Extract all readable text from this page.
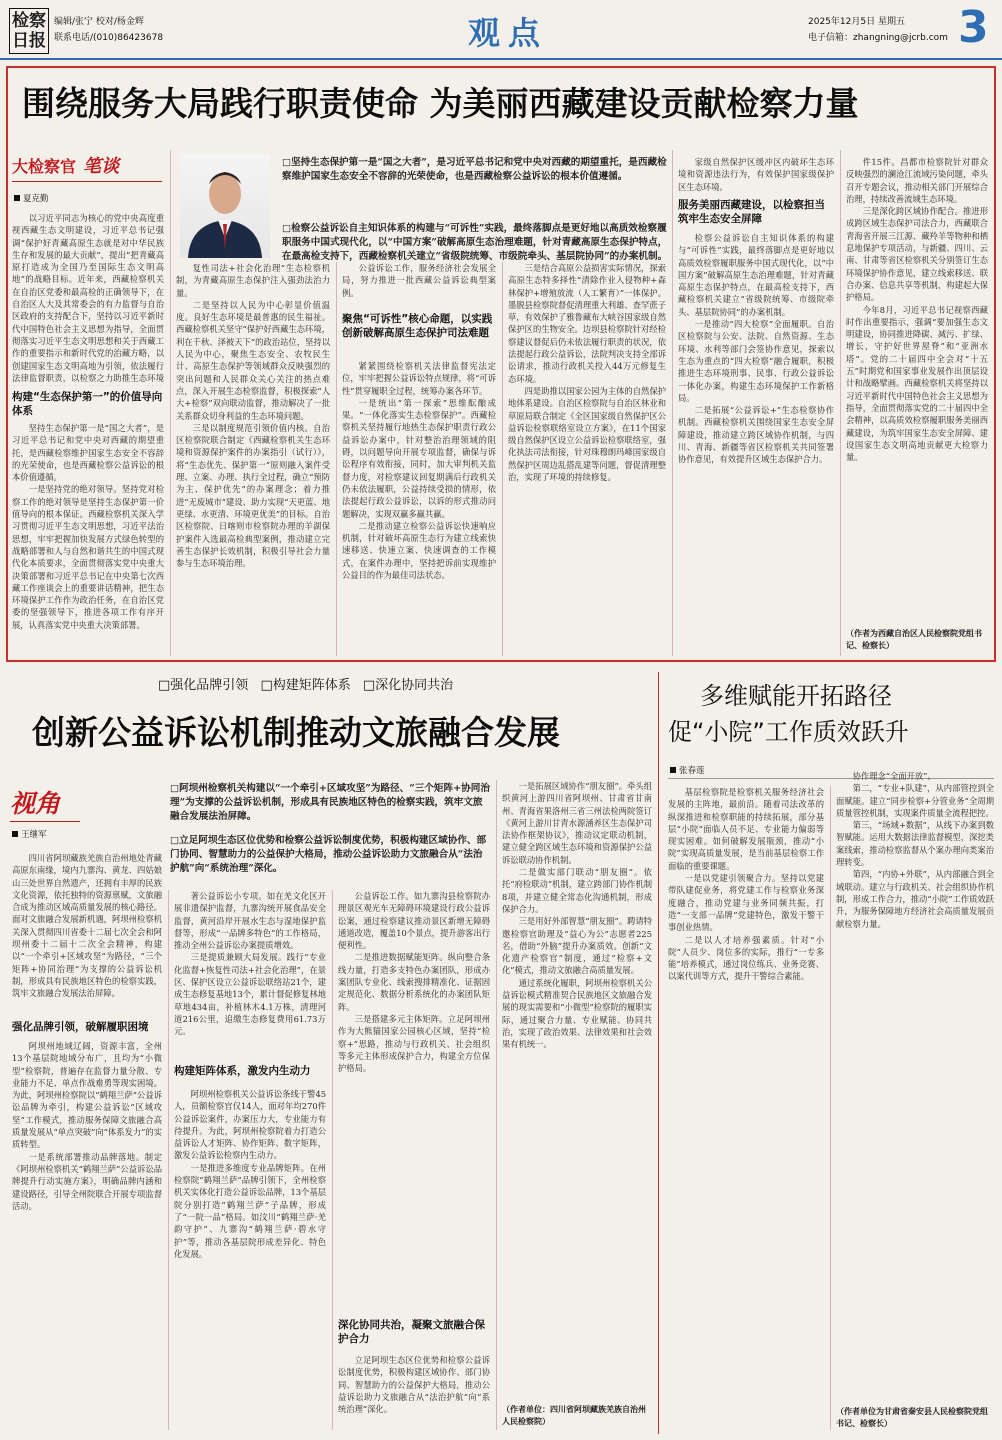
检察日报
编辑/张宁 校对/杨金辉
联系电话/(010)86423678	观点	2025年12月5日 星期五
电子信箱：zhangning@jcrb.com 3
围绕服务大局践行职责使命 为美丽西藏建设贡献检察力量
大检察官 笔谈
夏克勤
□坚持生态保护第一是“国之大者”，是习近平总书记和党中央对西藏的期望重托，是西藏检察维护国家生态安全不容辞的光荣使命，也是西藏检察公益诉讼的根本价值遵循。
□检察公益诉讼自主知识体系的构建与“可诉性”实践，最终落脚点是更好地以高质效检察履职服务中国式现代化，以“中国方案”破解高原生态治理难题，针对青藏高原生态保护特点，在最高检支持下，西藏检察机关建立“省级院统筹、市级院牵头、基层院协同”的办案机制。

以习近平同志为核心的党中央高度重视西藏生态文明建设，习近平总书记强调“保护好青藏高原生态就是对中华民族生存和发展的最大贡献”，提出“把青藏高原打造成为全国乃至国际生态文明高地”的战略目标。近年来，西藏检察机关在自治区党委和最高检的正确领导下，在自治区人大及其常委会的有力监督与自治区政府的支持配合下，坚持以习近平新时代中国特色社会主义思想为指导，全面贯彻落实习近平生态文明思想和关于西藏工作的重要指示和新时代党的治藏方略，以创建国家生态文明高地为引领，依法履行法律监督职责，以检察之力助推生态环境

构建“生态保护第一”的价值导向体系

坚持生态保护第一是“国之大者”，是习近平总书记和党中央对西藏的期望重托，是西藏检察维护国家生态安全不容辞的光荣使命，也是西藏检察公益诉讼的根本价值遵循。

一是坚持党的绝对领导。坚持党对检察工作的绝对领导是坚持生态保护第一价值导向的根本保证。西藏检察机关深入学习贯彻习近平生态文明思想，习近平法治思想，牢牢把握加快发展方式绿色转型的战略部署和人与自然和谐共生的中国式现代化本质要求，全面贯彻落实党中央重大决策部署和习近平总书记在中央第七次西藏工作座谈会上的重要讲话精神，把生态环境保护工作作为政治任务，在自治区党委的坚强领导下，推进各项工作有序开展，认真落实党中央重大决策部署。

复性司法+社会化治理”生态检察机制，为青藏高原生态保护注入强劲法治力量。

二是坚持以人民为中心彰显价值温度。良好生态环境是最普惠的民生福祉。西藏检察机关坚守“保护好西藏生态环境，利在千秋、泽被天下”的政治站位，坚持以人民为中心，聚焦生态安全、农牧民生计、高原生态保护等领域群众反映强烈的突出问题和人民群众关心关注的热点难点，深入开展生态检察监督，积极探索“人大+检察”双向联动监督，推动解决了一批关系群众切身利益的生态环境问题。

三是以制度规范引领价值内核。自治区检察院联合制定《西藏检察机关生态环境和资源保护案件的办案指引（试行）》，将“生态优先、保护第一”原则融入案件受理、立案、办理、执行全过程，确立“预防为主、保护优先”的办案理念；着力推进“无废城市”建设、助力实现“天更蓝、地更绿、水更清、环境更优美”的目标。自治区检察院、日喀则市检察院办理的羊湖保护案件入选最高检典型案例，推动建立完善生态保护长效机制，积极引导社会力量参与生态环境治理。

公益诉讼工作，服务经济社会发展全局，努力推进一批西藏公益诉讼典型案例。

聚焦“可诉性”核心命题，以实践创新破解高原生态保护司法难题

紧紧围绕检察机关法律监督宪法定位，牢牢把握公益诉讼特点规律，将“可诉性”贯穿履职全过程，统筹办案各环节。

一是统出“第一探索”思维酝酿成果。“一体化落实生态检察保护”。西藏检察机关坚持履行地热生态保护职责行政公益诉讼办案中，针对整治治理领域的阻碍，以问题导向开展专项监督，确保与诉讼程序有效衔接，同时，加大审判机关监督力度，对检察建议回复期满后行政机关仍未依法履职，公益持续受损的情形，依法提起行政公益诉讼，以诉的形式推动问题解决，实现双赢多赢共赢。

二是推动建立检察公益诉讼快速响应机制，针对破坏高原生态行为建立线索快速移送、快速立案、快速调查的工作模式，在案件办理中，坚持把诉前实现维护公益目的作为最佳司法状态。

三是结合高原公益损害实际情况，探索高原生态特多择性“清除作业入侵物种+森林保护+增殖放流（人工繁育）”一体保护。墨脱县检察院督促清理重大利雄、查罕蔗子草，有效保护了雅鲁藏布大峡谷国家级自然保护区的生物安全。边坝县检察院针对经检察建议督促后仍未依法履行职责的状况，依法提起行政公益诉讼，法院判决支持全部诉讼请求，推动行政机关投入44万元修复生态环境。

四是助推以国家公园为主体的自然保护地体系建设。自治区检察院与自治区林业和草原局联合制定《全区国家级自然保护区公益诉讼检察联络室设立方案》，在11个国家级自然保护区设立公益诉讼检察联络室，强化执法司法衔接，针对珠穆朗玛峰国家级自然保护区周边乱搭乱建等问题，督促清理整治，实现了环境的持续修复。

家级自然保护区缓冲区内破坏生态环境和资源违法行为，有效保护国家级保护区生态环境。

服务美丽西藏建设，以检察担当筑牢生态安全屏障

检察公益诉讼自主知识体系的构建与“可诉性”实践，最终落脚点是更好地以高质效检察履职服务中国式现代化，以“中国方案”破解高原生态治理难题，针对青藏高原生态保护特点，在最高检支持下，西藏检察机关建立“省级院统筹、市级院牵头、基层院协同”的办案机制。

一是推动“四大检察”全面履职。自治区检察院与公安、法院、自然资源、生态环境、水利等部门会签协作意见，探索以生态为重点的“四大检察”融合履职，积极推进生态环境刑事、民事、行政公益诉讼一体化办案，构建生态环境保护工作新格局。

二是拓展“公益诉讼+”生态检察协作机制。西藏检察机关围绕国家生态安全屏障建设，推动建立跨区域协作机制，与四川、青海、新疆等省区检察机关共同签署协作意见，有效提升区域生态保护合力。

件15件。昌都市检察院针对群众反映强烈的澜沧江流域污染问题，牵头召开专题会议，推动相关部门开展综合治理，持续改善流域生态环境。

三是深化跨区域协作配合。推进形成跨区域生态保护司法合力，西藏联合青海省开展三江源、藏羚羊等物种和栖息地保护专项活动，与新疆、四川、云南、甘肃等省区检察机关分别签订生态环境保护协作意见，建立线索移送、联合办案、信息共享等机制，构建起大保护格局。

今年8月，习近平总书记视察西藏时作出重要指示，强调“要加强生态文明建设，协同推进降碳、减污、扩绿、增长，守护好世界屋脊”和“亚洲水塔”。党的二十届四中全会对“十五五”时期党和国家事业发展作出顶层设计和战略擘画。西藏检察机关将坚持以习近平新时代中国特色社会主义思想为指导，全面贯彻落实党的二十届四中全会精神，以高质效检察履职服务美丽西藏建设，为筑牢国家生态安全屏障、建设国家生态文明高地贡献更大检察力量。

（作者为西藏自治区人民检察院党组书记、检察长）
□强化品牌引领 □构建矩阵体系 □深化协同共治
创新公益诉讼机制推动文旅融合发展
视角
王继军
□阿坝州检察机关构建以“一个牵引+区域攻坚”为路径、“三个矩阵+协同治理”为支撑的公益诉讼机制，形成具有民族地区特色的检察实践，筑牢文旅融合发展法治屏障。
□立足阿坝生态区位优势和检察公益诉讼制度优势，积极构建区域协作、部门协同、智慧助力的公益保护大格局，推动公益诉讼助力文旅融合从“法治护航”向“系统治理”深化。

四川省阿坝藏族羌族自治州地处青藏高原东南缘，境内九寨沟、黄龙、四姑娘山三处世界自然遗产，还拥有丰厚的民族文化资源，依托独特的资源禀赋，文旅融合成为推动区域高质量发展的核心路径。面对文旅融合发展新机遇，阿坝州检察机关深入贯彻四川省委十二届七次全会和阿坝州委十二届十二次全会精神，构建以“一个牵引+区域攻坚”为路径，“三个矩阵+协同治理”为支撑的公益诉讼机制，形成具有民族地区特色的检察实践，筑牢文旅融合发展法治屏障。

强化品牌引领，破解履职困境

阿坝州地域辽阔，资源丰富，全州13个基层院地域分布广，且均为“小微型”检察院，普遍存在监督力量分散、专业能力不足、单点作战难勇等现实困境。为此，阿坝州检察院以“鹤翔兰萨”公益诉讼品牌为牵引，构建公益诉讼“区域攻坚”工作模式，推动服务保障文旅融合高质量发展从“单点突破”向“体系发力”的实质转型。

一是系统部署推动品牌落地。制定《阿坝州检察机关“鹤翔兰萨”公益诉讼品牌提升行动实施方案》，明确品牌内涵和建设路径，引导全州院联合开展专项监督活动。

著公益诉讼小专项。如在羌文化区开展非遗保护监督，九寨沟统开展食品安全监督，黄河沿岸开展水生态与湿地保护监督等，形成“一品牌多特色”的工作格局，推动全州公益诉讼办案提质增效。

三是提质兼顾大局发展。践行“专业化监督+恢复性司法+社会化治理”，在景区、保护区设立公益诉讼联络站21个，建成生态修复基地13个，累计督促修复林地草地434亩，补植林木4.1万株，清理河道216公里，追缴生态修复费用61.73万元。

构建矩阵体系，激发内生动力

阿坝州检察机关公益诉讼条线干警45人，员额检察官仅14人，面对年均270件公益诉讼案件，办案压力大，专业能力有待提升。为此，阿坝州检察院着力打造公益诉讼人才矩阵、协作矩阵、数字矩阵，激发公益诉讼检察内生动力。

一是推进多维度专业品牌矩阵。在州检察院“鹤翔兰萨”品牌引领下，全州检察机关实体化打造公益诉讼品牌，13个基层院分别打造“鹤翔兰萨”子品牌，形成了“一院一品”格局。如汶川“鹤翔兰萨·羌韵守护”、九寨沟“鹤翔兰萨·碧水守护”等，推动各基层院形成差异化、特色化发展。

公益诉讼工作。如九寨沟县检察院办理景区观光车无障碍环境建设行政公益诉讼案，通过检察建议推动景区新增无障碍通道改造，覆盖10个景点，提升游客出行便利性。

二是推进数据赋能矩阵。纵向整合条线力量，打造多支特色办案团队，形成办案团队专业化、线索搜排精准化、证据固定规范化、数据分析系统化的办案团队矩阵。

三是搭建多元主体矩阵。立足阿坝州作为大熊猫国家公园核心区域，坚持“检察+”思路，推动与行政机关、社会组织等多元主体形成保护合力，构建全方位保护格局。

深化协同共治，凝聚文旅融合保护合力

立足阿坝生态区位优势和检察公益诉讼制度优势，积极构建区域协作、部门协同、智慧助力的公益保护大格局，推动公益诉讼助力文旅融合从“法治护航”向“系统治理”深化。

一是拓展区域协作“朋友圈”。牵头组织黄河上游四川省阿坝州、甘肃省甘南州、青海省果洛州三省三州法检两院签订《黄河上游川甘青水源涵养区生态保护司法协作框架协议》，推动议定联动机制，建立健全跨区域生态环境和资源保护公益诉讼联动协作机制。

二是做实部门联动“朋友圈”。依托“府检联动”机制，建立跨部门协作机制8项，并建立健全常态化沟通机制，形成保护合力。

三是用好外部智慧“朋友圈”。聘请特邀检察官助理及“益心为公”志愿者225名，借助“外脑”提升办案质效。创新“文化遗产检察官”制度，通过“检察+文化”模式，推动文旅融合高质量发展。

通过系统化履职，阿坝州检察机关公益诉讼模式精准契合民族地区文旅融合发展的现实需要和“小微型”检察院的履职实际，通过聚合力量、专业赋能、协同共治，实现了政治效果、法律效果和社会效果有机统一。

（作者单位：四川省阿坝藏族羌族自治州人民检察院）
多维赋能开拓路径
促“小院”工作质效跃升
张春莲

基层检察院是检察机关服务经济社会发展的主阵地，最前沿。随着司法改革的纵深推进和检察职能的持续拓展，部分基层“小院”面临人员不足、专业能力偏弱等现实困难。如何破解发展瓶颈，推动“小院”实现高质量发展，是当前基层检察工作面临的重要课题。

一是以党建引领聚合力。坚持以党建带队建促业务，将党建工作与检察业务深度融合，推动党建与业务同频共振，打造“一支部一品牌”党建特色，激发干警干事创业热情。

二是以人才培养强素质。针对“小院”人员少、岗位多的实际，推行“一专多能”培养模式，通过岗位练兵、业务竞赛、以案代训等方式，提升干警综合素能。

协作理念“全面开放”。

第二，“专业+队建”，从内部管控到全面赋能。建立“同步检察+分管业务”全周期质量管控机制，实现案件质量全流程把控。

第三，“场域+数据”，从线下办案到数智赋能。运用大数据法律监督模型，深挖类案线索，推动检察监督从个案办理向类案治理转变。

第四，“内协+外联”，从内部融合到全域联动。建立与行政机关、社会组织协作机制，形成工作合力，推动“小院”工作质效跃升，为服务保障地方经济社会高质量发展贡献检察力量。

（作者单位为甘肃省秦安县人民检察院党组书记、检察长）
